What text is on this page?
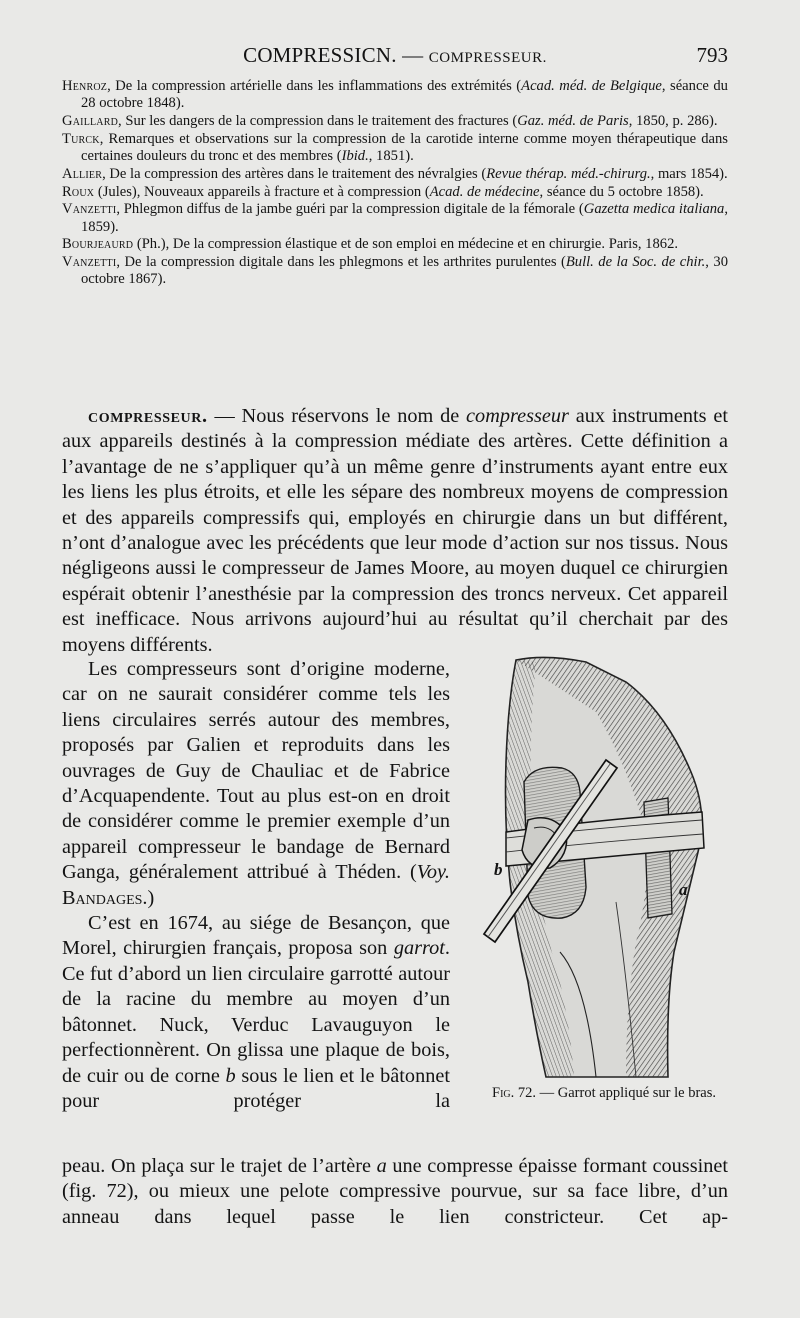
COMPRESSICN. — COMPRESSEUR.	793

Henroz, De la compression artérielle dans les inflammations des extrémités (Acad. méd. de Belgique, séance du 28 octobre 1848).

Gaillard, Sur les dangers de la compression dans le traitement des fractures (Gaz. méd. de Paris, 1850, p. 286).

Turck, Remarques et observations sur la compression de la carotide interne comme moyen thérapeutique dans certaines douleurs du tronc et des membres (Ibid., 1851).

Allier, De la compression des artères dans le traitement des névralgies (Revue thérap. méd.-chirurg., mars 1854).

Roux (Jules), Nouveaux appareils à fracture et à compression (Acad. de médecine, séance du 5 octobre 1858).

Vanzetti, Phlegmon diffus de la jambe guéri par la compression digitale de la fémorale (Gazetta medica italiana, 1859).

Bourjeaurd (Ph.), De la compression élastique et de son emploi en médecine et en chirurgie. Paris, 1862.

Vanzetti, De la compression digitale dans les phlegmons et les arthrites purulentes (Bull. de la Soc. de chir., 30 octobre 1867).

compresseur. — Nous réservons le nom de compresseur aux instruments et aux appareils destinés à la compression médiate des artères. Cette définition a l’avantage de ne s’appliquer qu’à un même genre d’instruments ayant entre eux les liens les plus étroits, et elle les sépare des nombreux moyens de compression et des appareils compressifs qui, employés en chirurgie dans un but différent, n’ont d’analogue avec les précédents que leur mode d’action sur nos tissus. Nous négligeons aussi le compresseur de James Moore, au moyen duquel ce chirurgien espérait obtenir l’anesthésie par la compression des troncs nerveux. Cet appareil est inefficace. Nous arrivons aujourd’hui au résultat qu’il cherchait par des moyens différents.

Les compresseurs sont d’origine moderne, car on ne saurait considérer comme tels les liens circulaires serrés autour des membres, proposés par Galien et reproduits dans les ouvrages de Guy de Chauliac et de Fabrice d’Acquapendente. Tout au plus est-on en droit de considérer comme le premier exemple d’un appareil compresseur le bandage de Bernard Ganga, généralement attribué à Théden. (Voy. Bandages.)

C’est en 1674, au siége de Besançon, que Morel, chirurgien français, proposa son garrot. Ce fut d’abord un lien circulaire garrotté autour de la racine du membre au moyen d’un bâtonnet. Nuck, Verduc Lavauguyon le perfectionnèrent. On glissa une plaque de bois, de cuir ou de corne b sous le lien et le bâtonnet pour protéger la

peau. On plaça sur le trajet de l’artère a une compresse épaisse formant coussinet (fig. 72), ou mieux une pelote compressive pourvue, sur sa face libre, d’un anneau dans lequel passe le lien constricteur. Cet ap-

b
a
Fig. 72. — Garrot appliqué sur le bras.
